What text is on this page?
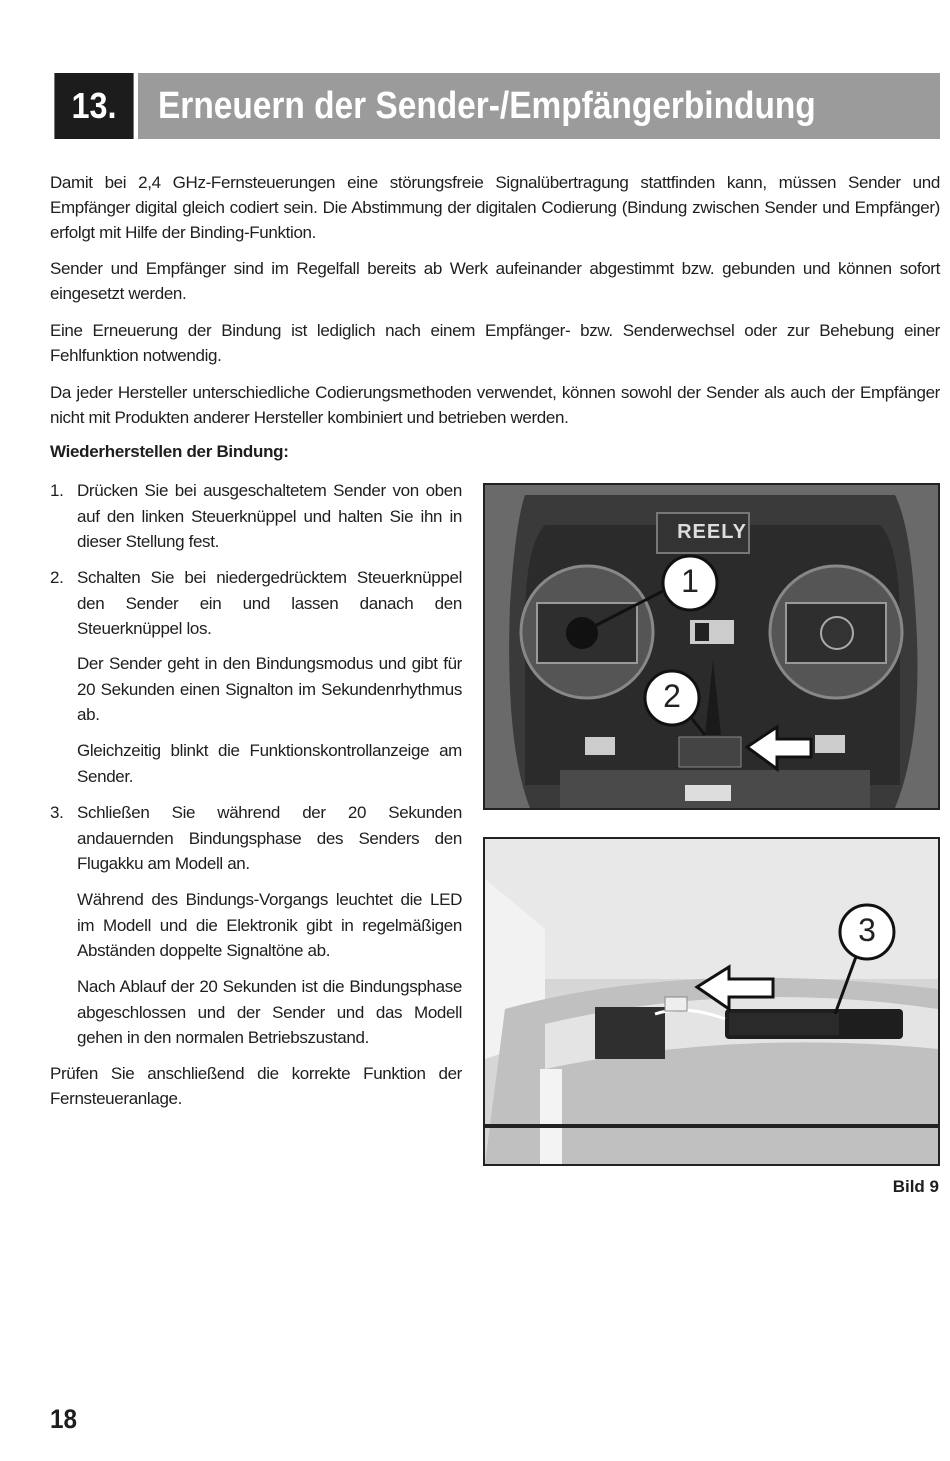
13.	Erneuern der Sender-/Empfängerbindung

Damit bei 2,4 GHz-Fernsteuerungen eine störungsfreie Signalübertragung stattfinden kann, müssen Sender und Empfänger digital gleich codiert sein. Die Abstimmung der digitalen Codierung (Bindung zwischen Sender und Empfänger) erfolgt mit Hilfe der Binding-Funktion.

Sender und Empfänger sind im Regelfall bereits ab Werk aufeinander abgestimmt bzw. gebunden und können sofort eingesetzt werden.

Eine Erneuerung der Bindung ist lediglich nach einem Empfänger- bzw. Senderwechsel oder zur Behebung einer Fehlfunktion notwendig.

Da jeder Hersteller unterschiedliche Codierungsmethoden verwendet, können sowohl der Sender als auch der Empfänger nicht mit Produkten anderer Hersteller kombiniert und betrieben werden.

Wiederherstellen der Bindung:
1. Drücken Sie bei ausgeschaltetem Sender von oben auf den linken Steuerknüppel und halten Sie ihn in dieser Stellung fest.
2. Schalten Sie bei niedergedrücktem Steuerknüppel den Sender ein und lassen danach den Steuerknüppel los.
Der Sender geht in den Bindungsmodus und gibt für 20 Sekunden einen Signalton im Sekundenrhythmus ab.
Gleichzeitig blinkt die Funktionskontrollanzeige am Sender.
3. Schließen Sie während der 20 Sekunden andauernden Bindungsphase des Senders den Flugakku am Modell an.
Während des Bindungs-Vorgangs leuchtet die LED im Modell und die Elektronik gibt in regelmäßigen Abständen doppelte Signaltöne ab.
Nach Ablauf der 20 Sekunden ist die Bindungsphase abgeschlossen und der Sender und das Modell gehen in den normalen Betriebszustand.

Prüfen Sie anschließend die korrekte Funktion der Fernsteueranlage.

REELY
1
2
3
Bild 9
18
